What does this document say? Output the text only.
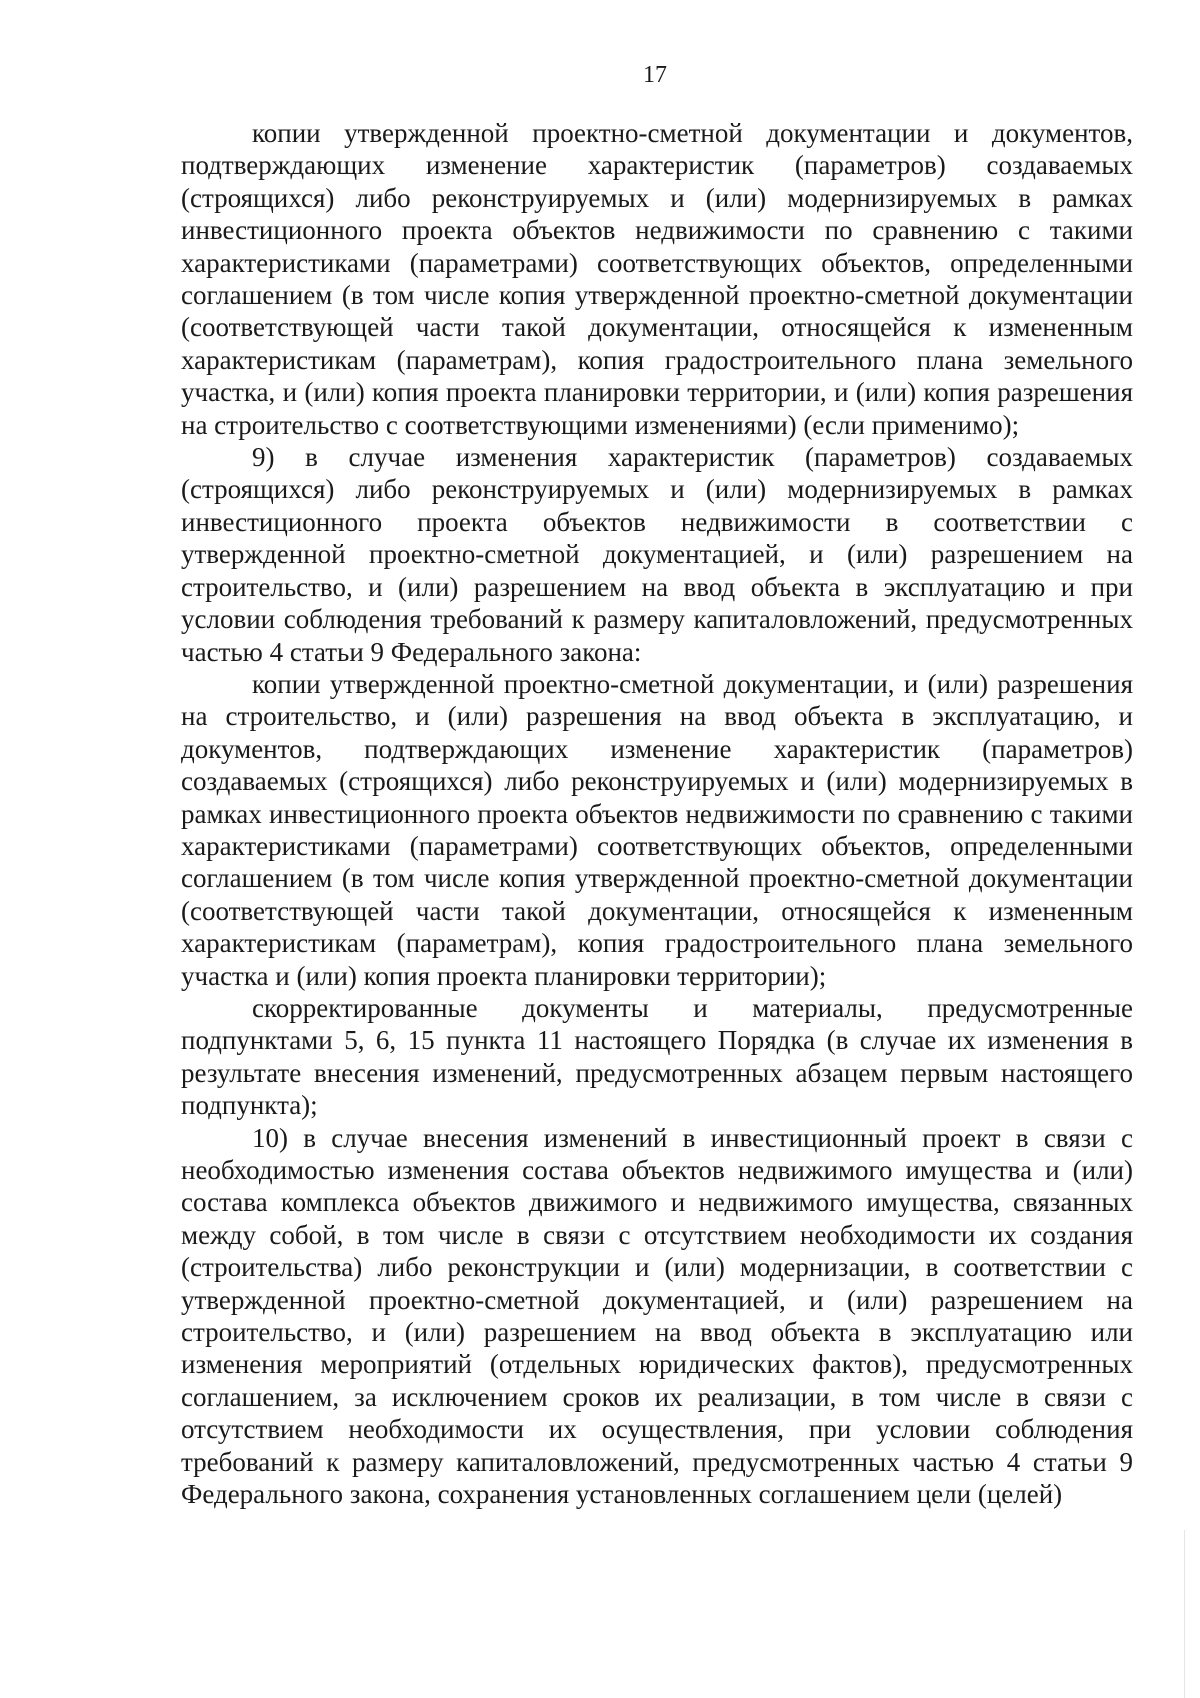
17

копии утвержденной проектно-сметной документации и документов, подтверждающих изменение характеристик (параметров) создаваемых (строящихся) либо реконструируемых и (или) модернизируемых в рамках инвестиционного проекта объектов недвижимости по сравнению с такими характеристиками (параметрами) соответствующих объектов, определенными соглашением (в том числе копия утвержденной проектно-сметной документации (соответствующей части такой документации, относящейся к измененным характеристикам (параметрам), копия градостроительного плана земельного участка, и (или) копия проекта планировки территории, и (или) копия разрешения на строительство с соответствующими изменениями) (если применимо);

9) в случае изменения характеристик (параметров) создаваемых (строящихся) либо реконструируемых и (или) модернизируемых в рамках инвестиционного проекта объектов недвижимости в соответствии с утвержденной проектно-сметной документацией, и (или) разрешением на строительство, и (или) разрешением на ввод объекта в эксплуатацию и при условии соблюдения требований к размеру капиталовложений, предусмотренных частью 4 статьи 9 Федерального закона:

копии утвержденной проектно-сметной документации, и (или) разрешения на строительство, и (или) разрешения на ввод объекта в эксплуатацию, и документов, подтверждающих изменение характеристик (параметров) создаваемых (строящихся) либо реконструируемых и (или) модернизируемых в рамках инвестиционного проекта объектов недвижимости по сравнению с такими характеристиками (параметрами) соответствующих объектов, определенными соглашением (в том числе копия утвержденной проектно-сметной документации (соответствующей части такой документации, относящейся к измененным характеристикам (параметрам), копия градостроительного плана земельного участка и (или) копия проекта планировки территории);

скорректированные документы и материалы, предусмотренные подпунктами 5, 6, 15 пункта 11 настоящего Порядка (в случае их изменения в результате внесения изменений, предусмотренных абзацем первым настоящего подпункта);

10) в случае внесения изменений в инвестиционный проект в связи с необходимостью изменения состава объектов недвижимого имущества и (или) состава комплекса объектов движимого и недвижимого имущества, связанных между собой, в том числе в связи с отсутствием необходимости их создания (строительства) либо реконструкции и (или) модернизации, в соответствии с утвержденной проектно-сметной документацией, и (или) разрешением на строительство, и (или) разрешением на ввод объекта в эксплуатацию или изменения мероприятий (отдельных юридических фактов), предусмотренных соглашением, за исключением сроков их реализации, в том числе в связи с отсутствием необходимости их осуществления, при условии соблюдения требований к размеру капиталовложений, предусмотренных частью 4 статьи 9 Федерального закона, сохранения установленных соглашением цели (целей)
